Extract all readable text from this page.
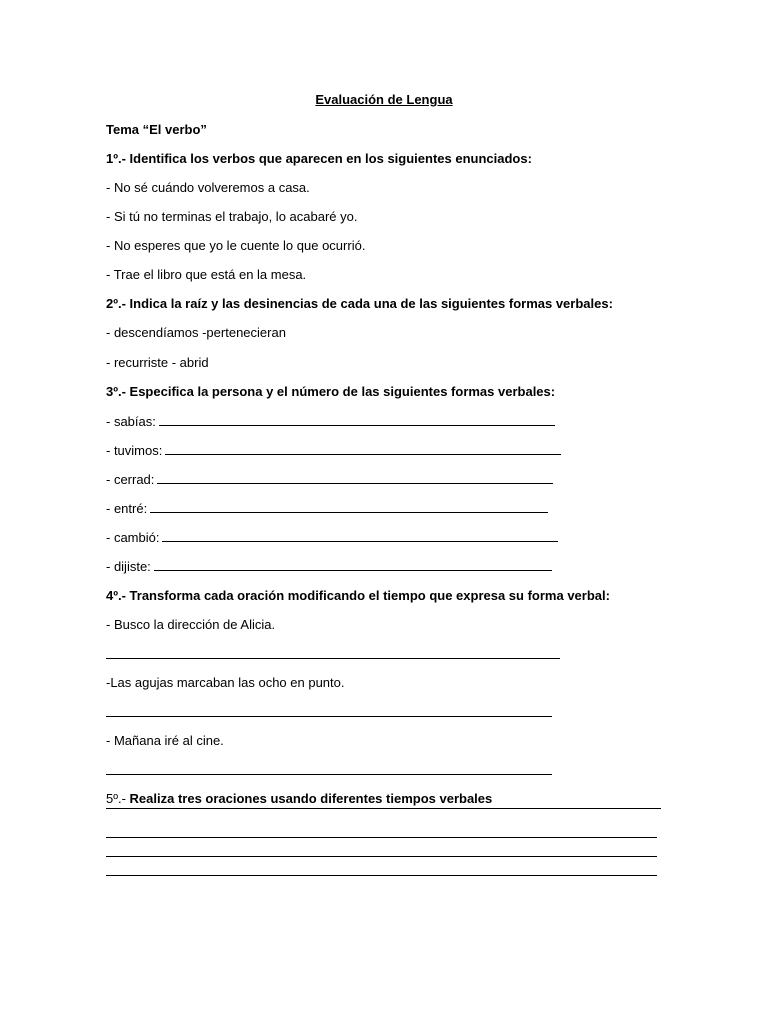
Evaluación de Lengua
Tema “El verbo”
1º.- Identifica los verbos que aparecen en los siguientes enunciados:
- No sé cuándo volveremos a casa.
- Si tú no terminas el trabajo, lo acabaré yo.
- No esperes que yo le cuente lo que ocurrió.
- Trae el libro que está en la mesa.
2º.- Indica la raíz y las desinencias de cada una de las siguientes formas verbales:
- descendíamos -pertenecieran
- recurriste - abrid
3º.- Especifica la persona y el número de las siguientes formas verbales:
- sabías:
- tuvimos:
- cerrad:
- entré:
- cambió:
- dijiste:
4º.- Transforma cada oración modificando el tiempo que expresa su forma verbal:
- Busco la dirección de Alicia.
-Las agujas marcaban las ocho en punto.
- Mañana iré al cine.
5º.- Realiza tres oraciones usando diferentes tiempos verbales
